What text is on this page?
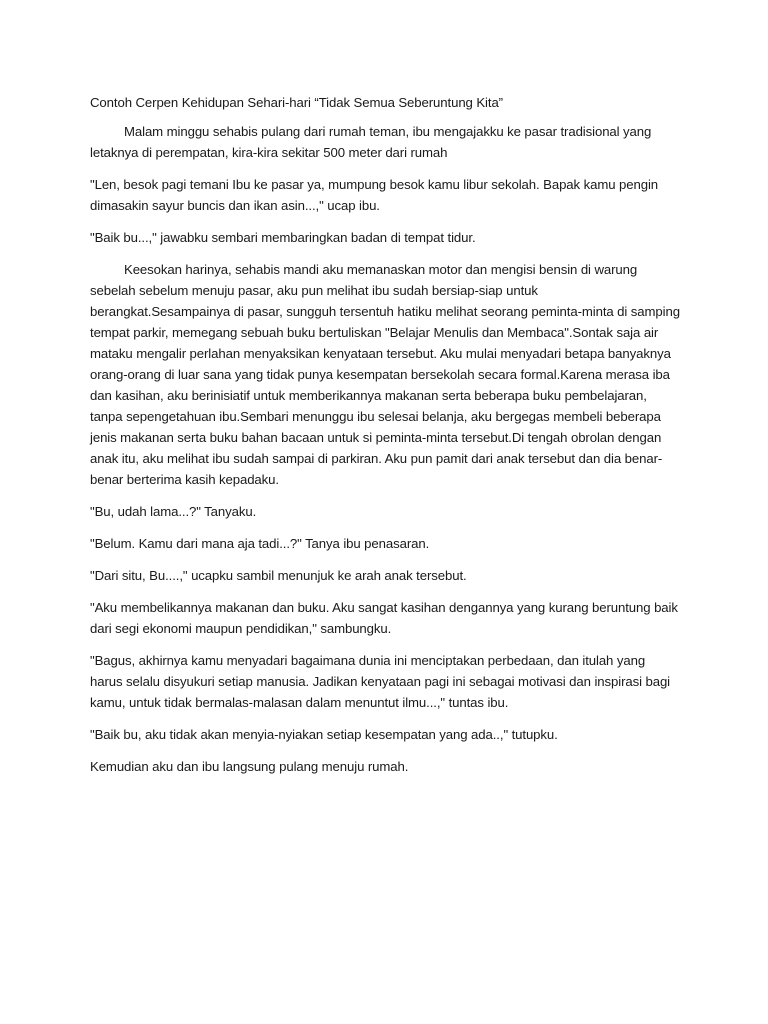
Contoh Cerpen Kehidupan Sehari-hari “Tidak Semua Seberuntung Kita”

Malam minggu sehabis pulang dari rumah teman, ibu mengajakku ke pasar tradisional yang letaknya di perempatan, kira-kira sekitar 500 meter dari rumah

"Len, besok pagi temani Ibu ke pasar ya, mumpung besok kamu libur sekolah. Bapak kamu pengin dimasakin sayur buncis dan ikan asin...," ucap ibu.

"Baik bu...," jawabku sembari membaringkan badan di tempat tidur.

Keesokan harinya, sehabis mandi aku memanaskan motor dan mengisi bensin di warung sebelah sebelum menuju pasar, aku pun melihat ibu sudah bersiap-siap untuk berangkat.Sesampainya di pasar, sungguh tersentuh hatiku melihat seorang peminta-minta di samping tempat parkir, memegang sebuah buku bertuliskan "Belajar Menulis dan Membaca".Sontak saja air mataku mengalir perlahan menyaksikan kenyataan tersebut. Aku mulai menyadari betapa banyaknya orang-orang di luar sana yang tidak punya kesempatan bersekolah secara formal.Karena merasa iba dan kasihan, aku berinisiatif untuk memberikannya makanan serta beberapa buku pembelajaran, tanpa sepengetahuan ibu.Sembari menunggu ibu selesai belanja, aku bergegas membeli beberapa jenis makanan serta buku bahan bacaan untuk si peminta-minta tersebut.Di tengah obrolan dengan anak itu, aku melihat ibu sudah sampai di parkiran. Aku pun pamit dari anak tersebut dan dia benar-benar berterima kasih kepadaku.

"Bu, udah lama...?" Tanyaku.

"Belum. Kamu dari mana aja tadi...?" Tanya ibu penasaran.

"Dari situ, Bu....," ucapku sambil menunjuk ke arah anak tersebut.

"Aku membelikannya makanan dan buku. Aku sangat kasihan dengannya yang kurang beruntung baik dari segi ekonomi maupun pendidikan," sambungku.

"Bagus, akhirnya kamu menyadari bagaimana dunia ini menciptakan perbedaan, dan itulah yang harus selalu disyukuri setiap manusia. Jadikan kenyataan pagi ini sebagai motivasi dan inspirasi bagi kamu, untuk tidak bermalas-malasan dalam menuntut ilmu...," tuntas ibu.

"Baik bu, aku tidak akan menyia-nyiakan setiap kesempatan yang ada..," tutupku.

Kemudian aku dan ibu langsung pulang menuju rumah.
